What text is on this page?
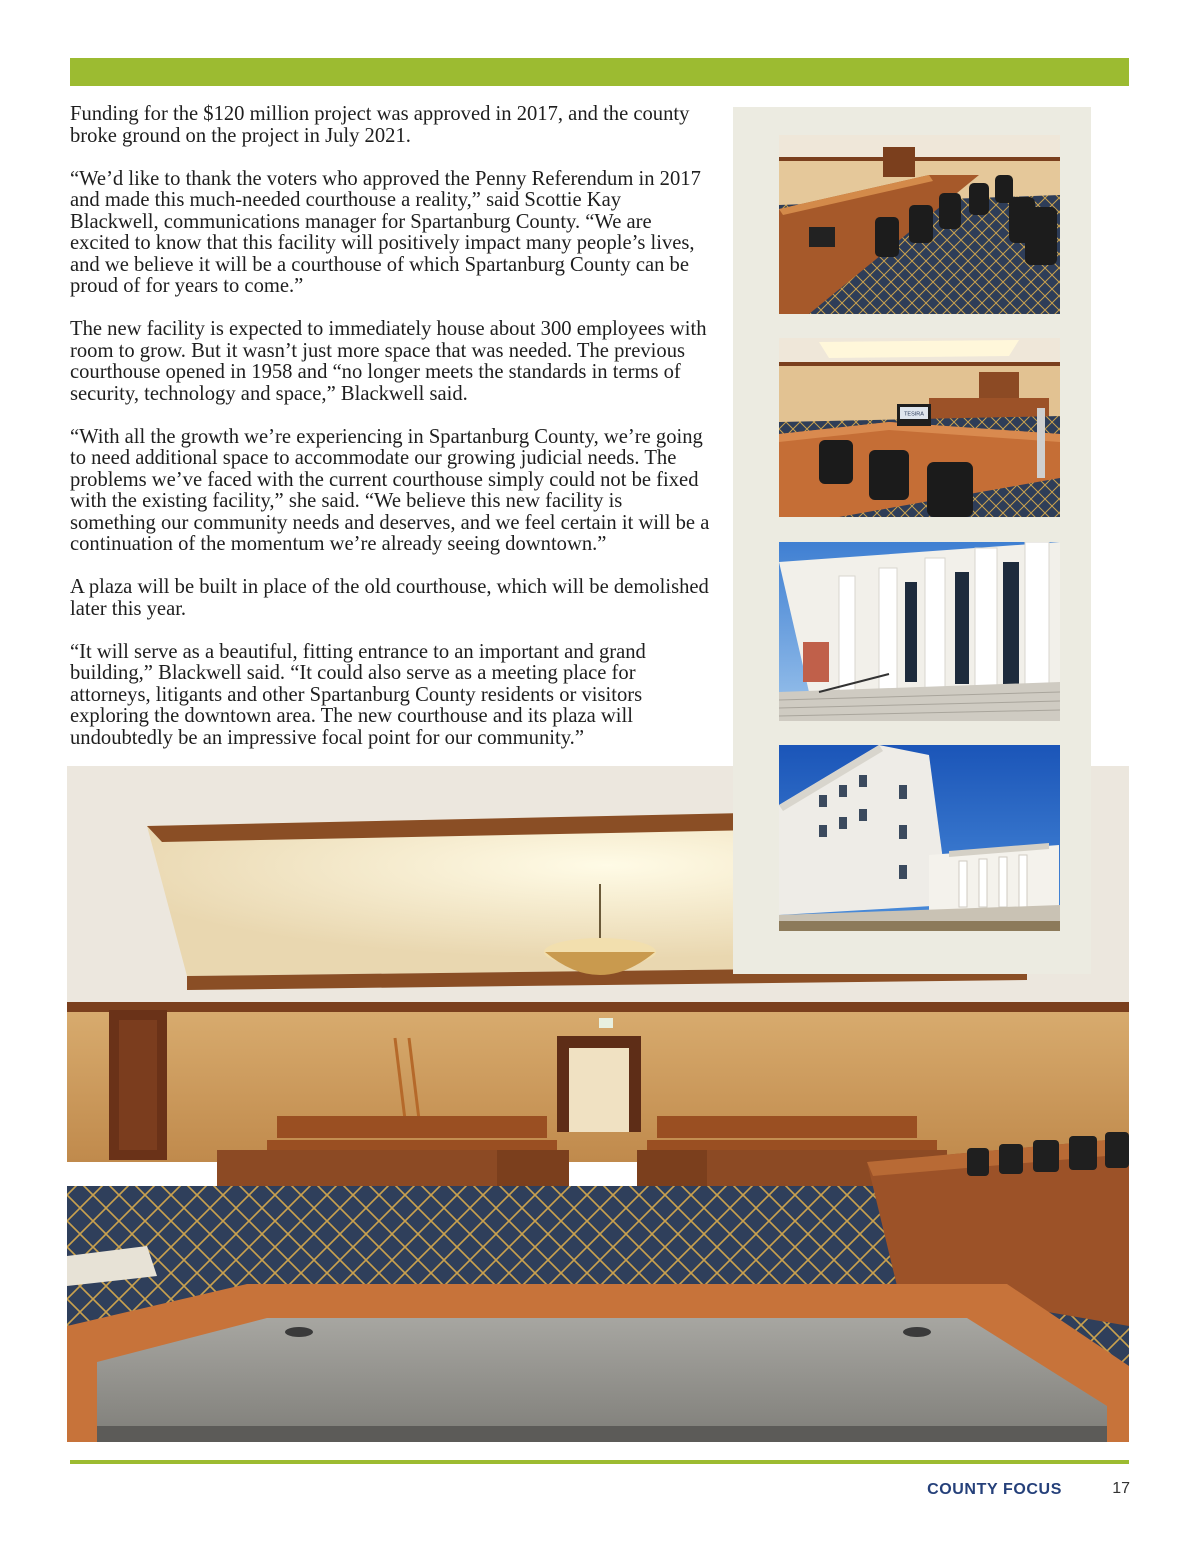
Funding for the $120 million project was approved in 2017, and the county broke ground on the project in July 2021.

“We’d like to thank the voters who approved the Penny Referendum in 2017 and made this much-needed courthouse a reality,” said Scottie Kay Blackwell, communications manager for Spartanburg County. “We are excited to know that this facility will positively impact many people’s lives, and we believe it will be a courthouse of which Spartanburg County can be proud of for years to come.”

The new facility is expected to immediately house about 300 employees with room to grow. But it wasn’t just more space that was needed. The previous courthouse opened in 1958 and “no longer meets the standards in terms of security, technology and space,” Blackwell said.

“With all the growth we’re experiencing in Spartanburg County, we’re going to need additional space to accommodate our growing judicial needs. The problems we’ve faced with the current courthouse simply could not be fixed with the existing facility,” she said. “We believe this new facility is something our community needs and deserves, and we feel certain it will be a continuation of the momentum we’re already seeing downtown.”

A plaza will be built in place of the old courthouse, which will be demolished later this year.

“It will serve as a beautiful, fitting entrance to an important and grand building,” Blackwell said. “It could also serve as a meeting place for attorneys, litigants and other Spartanburg County residents or visitors exploring the downtown area. The new courthouse and its plaza will undoubtedly be an impressive focal point for our community.”

TESIRA
COUNTY FOCUS	17
